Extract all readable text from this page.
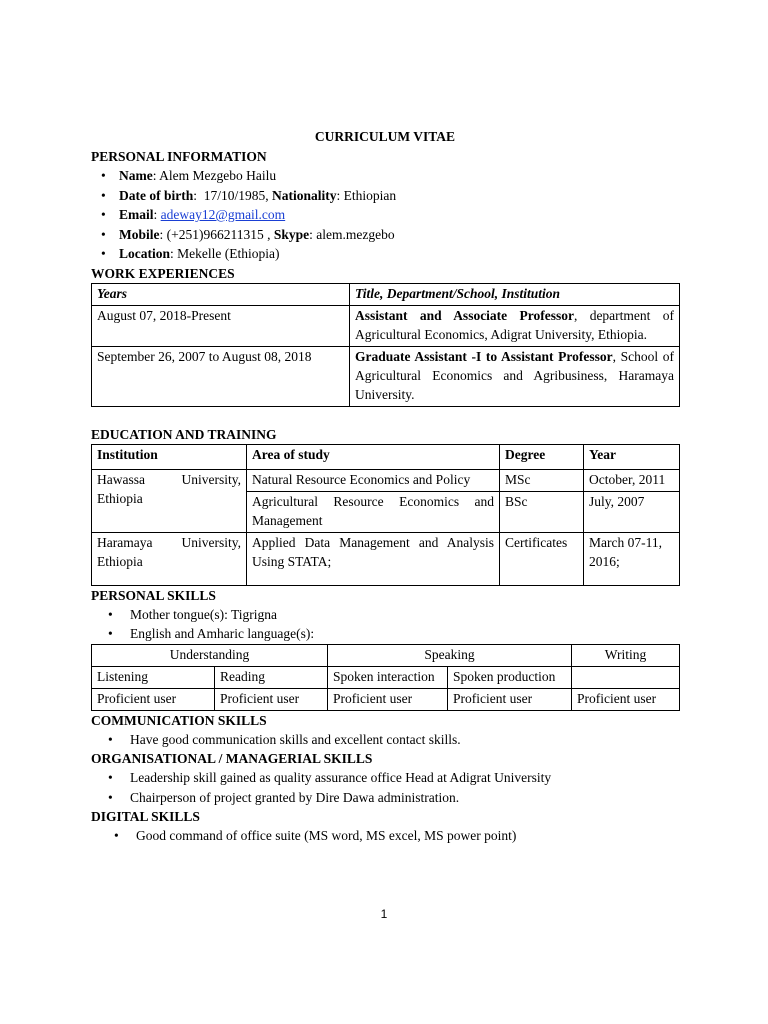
CURRICULUM VITAE
PERSONAL INFORMATION
• Name: Alem Mezgebo Hailu
• Date of birth:  17/10/1985, Nationality: Ethiopian
• Email: adeway12@gmail.com
• Mobile: (+251)966211315 , Skype: alem.mezgebo
• Location: Mekelle (Ethiopia)
WORK EXPERIENCES
Years	Title, Department/School, Institution
August 07, 2018-Present	Assistant and Associate Professor, department of Agricultural Economics, Adigrat University, Ethiopia.
September 26, 2007 to August 08, 2018	Graduate Assistant -I to Assistant Professor, School of Agricultural Economics and Agribusiness, Haramaya University.
EDUCATION AND TRAINING
Institution	Area of study	Degree	Year
Hawassa University, Ethiopia	Natural Resource Economics and Policy	MSc	October, 2011
	Agricultural Resource Economics and Management	BSc	July, 2007
Haramaya University, Ethiopia	Applied Data Management and Analysis Using STATA;	Certificates	March 07-11, 2016;
PERSONAL SKILLS
• Mother tongue(s): Tigrigna
• English and Amharic language(s):
Understanding		Speaking		Writing
Listening	Reading	Spoken interaction	Spoken production	
Proficient user	Proficient user	Proficient user	Proficient user	Proficient user
COMMUNICATION SKILLS
• Have good communication skills and excellent contact skills.
ORGANISATIONAL / MANAGERIAL SKILLS
• Leadership skill gained as quality assurance office Head at Adigrat University
• Chairperson of project granted by Dire Dawa administration.
DIGITAL SKILLS
• Good command of office suite (MS word, MS excel, MS power point)
1
